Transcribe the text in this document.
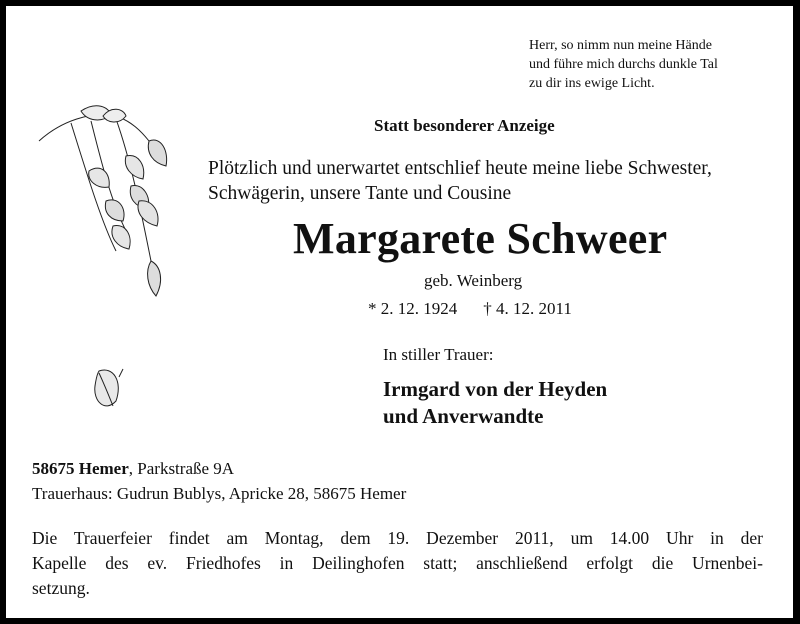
Herr, so nimm nun meine Hände
und führe mich durchs dunkle Tal
zu dir ins ewige Licht.
Statt besonderer Anzeige
Plötzlich und unerwartet entschlief heute meine liebe Schwester,
Schwägerin, unsere Tante und Cousine
Margarete Schweer
geb. Weinberg
* 2. 12. 1924 † 4. 12. 2011
In stiller Trauer:
Irmgard von der Heyden
und Anverwandte
58675 Hemer, Parkstraße 9A
Trauerhaus: Gudrun Bublys, Apricke 28, 58675 Hemer
Die Trauerfeier findet am Montag, dem 19. Dezember 2011, um 14.00 Uhr in der
Kapelle des ev. Friedhofes in Deilinghofen statt; anschließend erfolgt die Urnenbei-
setzung.
